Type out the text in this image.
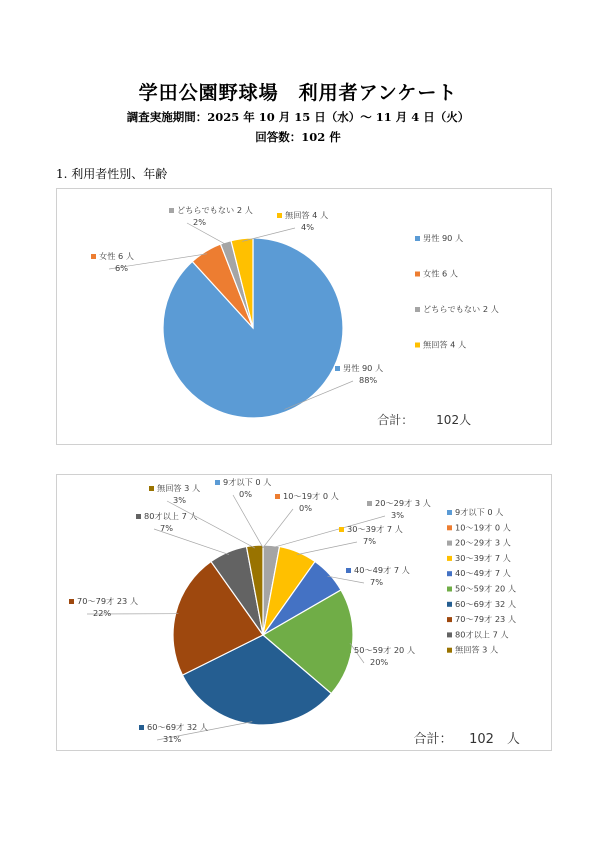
学田公園野球場　利用者アンケート
調査実施期間：2025 年 10 月 15 日（水）～ 11 月 4 日（火）
回答数：102 件
1. 利用者性別、年齢
男性 90 人
88%
女性 6 人
6%
どちらでもない 2 人
2%
無回答 4 人
4%
男性 90 人
女性 6 人
どちらでもない 2 人
無回答 4 人

合計： 102人

9才以下 0 人
0%	10～19才 0 人
0%	20～29才 3 人
3%
30～39才 7 人
7%
40～49才 7 人
7%
50～59才 20 人
20%
60～69才 32 人
31%
70～79才 23 人
22%
80才以上 7 人
7%
無回答 3 人
3%
9才以下 0 人
10～19才 0 人
20～29才 3 人
30～39才 7 人
40～49才 7 人
50～59才 20 人
60～69才 32 人
70～79才 23 人
80才以上 7 人
無回答 3 人

合計： 102　人
